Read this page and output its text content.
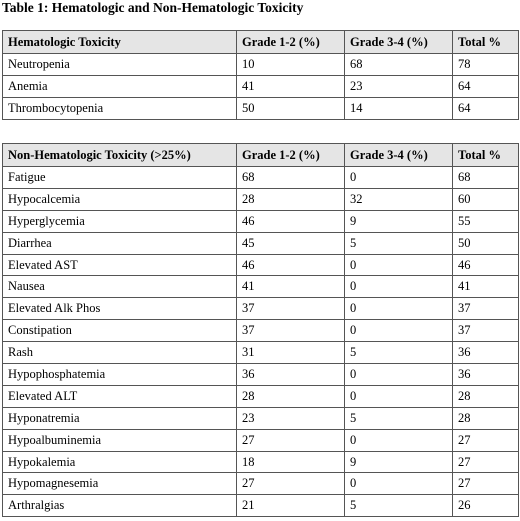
Table 1: Hematologic and Non-Hematologic Toxicity
Hematologic Toxicity	Grade 1-2 (%)	Grade 3-4 (%)	Total %
Neutropenia	10	68	78
Anemia	41	23	64
Thrombocytopenia	50	14	64
Non-Hematologic Toxicity (>25%)	Grade 1-2 (%)	Grade 3-4 (%)	Total %
Fatigue	68	0	68
Hypocalcemia	28	32	60
Hyperglycemia	46	9	55
Diarrhea	45	5	50
Elevated AST	46	0	46
Nausea	41	0	41
Elevated Alk Phos	37	0	37
Constipation	37	0	37
Rash	31	5	36
Hypophosphatemia	36	0	36
Elevated ALT	28	0	28
Hyponatremia	23	5	28
Hypoalbuminemia	27	0	27
Hypokalemia	18	9	27
Hypomagnesemia	27	0	27
Arthralgias	21	5	26
